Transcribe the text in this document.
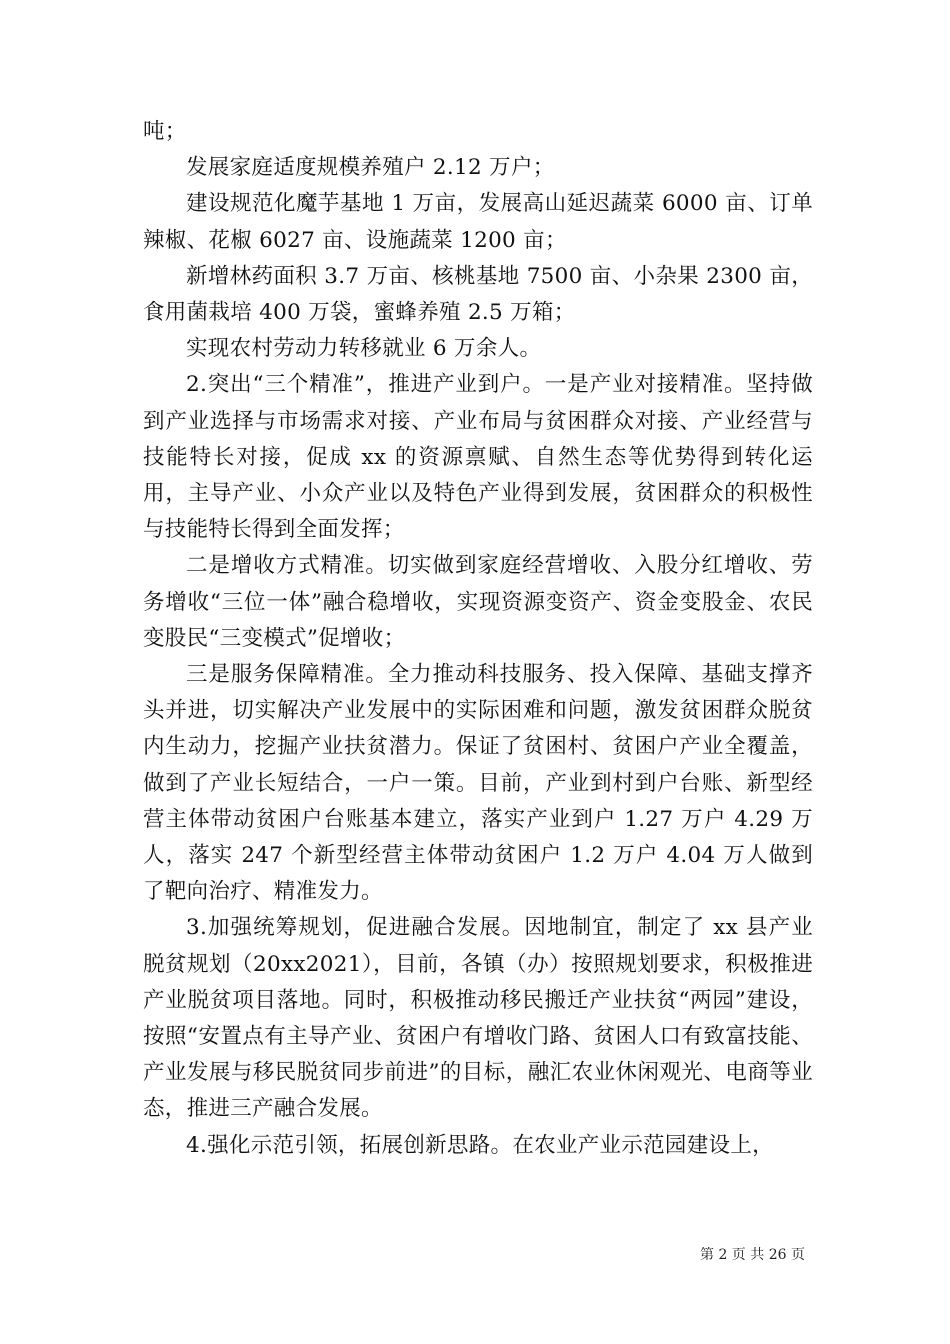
吨；

发展家庭适度规模养殖户 2.12 万户；

建设规范化魔芋基地 1 万亩，发展高山延迟蔬菜 6000 亩、订单辣椒、花椒 6027 亩、设施蔬菜 1200 亩；

新增林药面积 3.7 万亩、核桃基地 7500 亩、小杂果 2300 亩，食用菌栽培 400 万袋，蜜蜂养殖 2.5 万箱；

实现农村劳动力转移就业 6 万余人。

2.突出“三个精准”，推进产业到户。一是产业对接精准。坚持做到产业选择与市场需求对接、产业布局与贫困群众对接、产业经营与技能特长对接，促成 xx 的资源禀赋、自然生态等优势得到转化运用，主导产业、小众产业以及特色产业得到发展，贫困群众的积极性与技能特长得到全面发挥；

二是增收方式精准。切实做到家庭经营增收、入股分红增收、劳务增收“三位一体”融合稳增收，实现资源变资产、资金变股金、农民变股民“三变模式”促增收；

三是服务保障精准。全力推动科技服务、投入保障、基础支撑齐头并进，切实解决产业发展中的实际困难和问题，激发贫困群众脱贫内生动力，挖掘产业扶贫潜力。保证了贫困村、贫困户产业全覆盖，做到了产业长短结合，一户一策。目前，产业到村到户台账、新型经营主体带动贫困户台账基本建立，落实产业到户 1.27 万户 4.29 万人，落实 247 个新型经营主体带动贫困户 1.2 万户 4.04 万人做到了靶向治疗、精准发力。

3.加强统筹规划，促进融合发展。因地制宜，制定了 xx 县产业脱贫规划（20xx2021），目前，各镇（办）按照规划要求，积极推进产业脱贫项目落地。同时，积极推动移民搬迁产业扶贫“两园”建设，按照“安置点有主导产业、贫困户有增收门路、贫困人口有致富技能、产业发展与移民脱贫同步前进”的目标，融汇农业休闲观光、电商等业态，推进三产融合发展。

4.强化示范引领，拓展创新思路。在农业产业示范园建设上，

第 2 页 共 26 页
